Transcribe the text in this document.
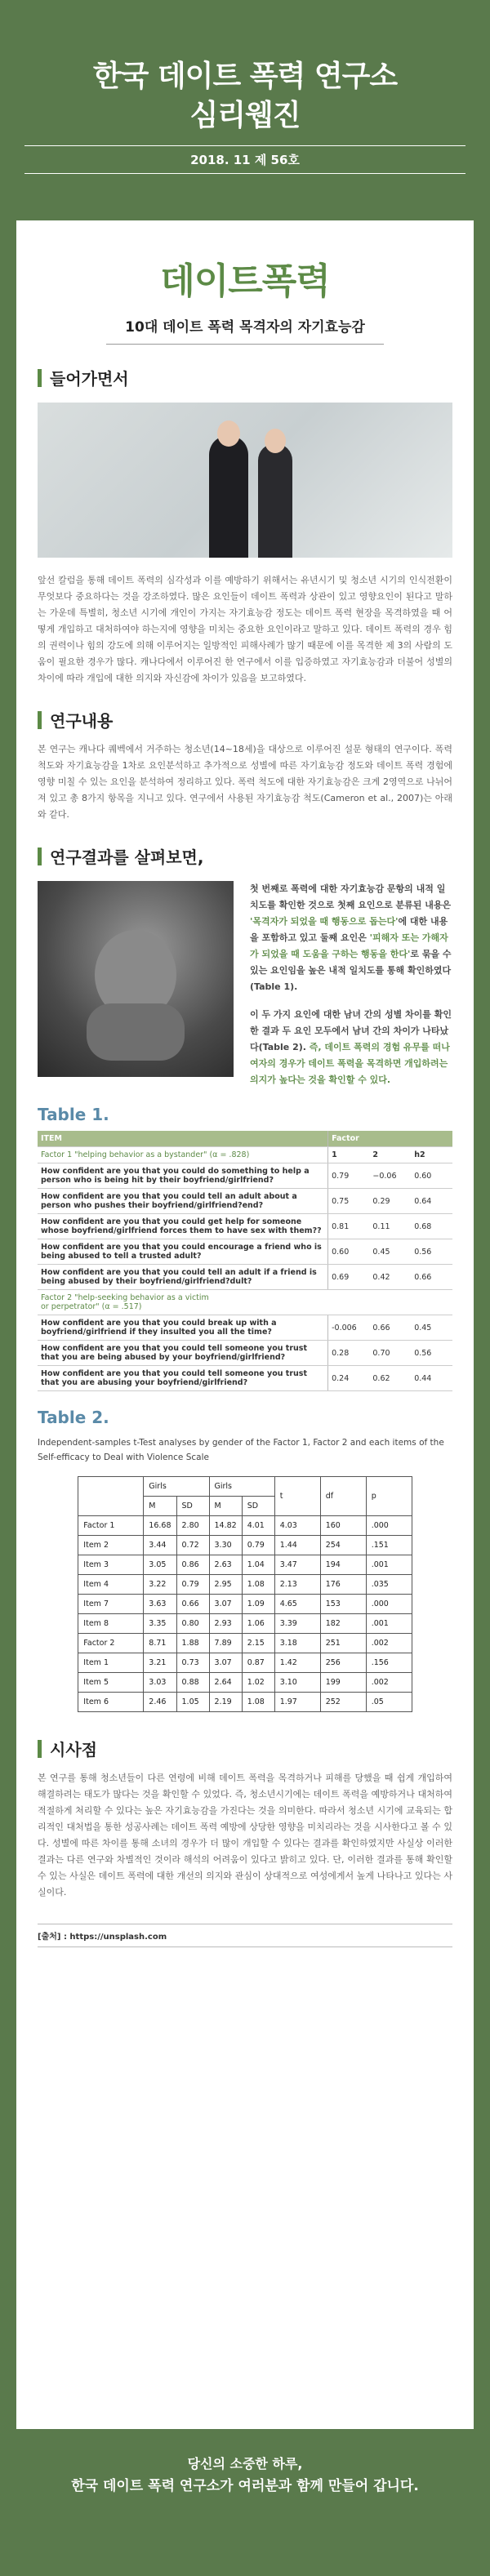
한국 데이트 폭력 연구소
심리웹진
2018. 11 제 56호
데이트폭력
10대 데이트 폭력 목격자의 자기효능감
들어가면서

앞선 칼럼을 통해 데이트 폭력의 심각성과 이를 예방하기 위해서는 유년시기 및 청소년 시기의 인식전환이 무엇보다 중요하다는 것을 강조하였다. 많은 요인들이 데이트 폭력과 상관이 있고 영향요인이 된다고 말하는 가운데 특별히, 청소년 시기에 개인이 가지는 자기효능감 정도는 데이트 폭력 현장을 목격하였을 때 어떻게 개입하고 대처하여야 하는지에 영향을 미치는 중요한 요인이라고 말하고 있다. 데이트 폭력의 경우 힘의 권력이나 힘의 강도에 의해 이루어지는 일방적인 피해사례가 많기 때문에 이를 목격한 제 3의 사람의 도움이 필요한 경우가 많다. 캐나다에서 이루어진 한 연구에서 이를 입증하였고 자기효능감과 더불어 성별의 차이에 따라 개입에 대한 의지와 자신감에 차이가 있음을 보고하였다.

연구내용

본 연구는 캐나다 퀘벡에서 거주하는 청소년(14~18세)을 대상으로 이루어진 설문 형태의 연구이다. 폭력척도와 자기효능감을 1차로 요인분석하고 추가적으로 성별에 따른 자기효능감 정도와 데이트 폭력 경험에 영향 미칠 수 있는 요인을 분석하여 정리하고 있다. 폭력 척도에 대한 자기효능감은 크게 2영역으로 나뉘어져 있고 총 8가지 항목을 지니고 있다. 연구에서 사용된 자기효능감 척도(Cameron et al., 2007)는 아래와 같다.

연구결과를 살펴보면,

첫 번째로 폭력에 대한 자기효능감 문항의 내적 일치도를 확인한 것으로 첫째 요인으로 분류된 내용은 '목격자가 되었을 때 행동으로 돕는다'에 대한 내용을 포함하고 있고 둘째 요인은 '피해자 또는 가해자가 되었을 때 도움을 구하는 행동을 한다'로 묶을 수 있는 요인임을 높은 내적 일치도를 통해 확인하였다(Table 1).

이 두 가지 요인에 대한 남녀 간의 성별 차이를 확인한 결과 두 요인 모두에서 남녀 간의 차이가 나타났다(Table 2). 즉, 데이트 폭력의 경험 유무를 떠나 여자의 경우가 데이트 폭력을 목격하면 개입하려는 의지가 높다는 것을 확인할 수 있다.

Table 1.
ITEM	Factor		
Factor 1 "helping behavior as a bystander" (α = .828)	1	2	h2
How confident are you that you could do something to help a person who is being hit by their boyfriend/girlfriend?	0.79	−0.06	0.60
How confident are you that you could tell an adult about a person who pushes their boyfriend/girlfriend?end?	0.75	0.29	0.64
How confident are you that you could get help for someone whose boyfriend/girlfriend forces them to have sex with them??	0.81	0.11	0.68
How confident are you that you could encourage a friend who is being abused to tell a trusted adult?	0.60	0.45	0.56
How confident are you that you could tell an adult if a friend is being abused by their boyfriend/girlfriend?dult?	0.69	0.42	0.66

Factor 2 "help-seeking behavior as a victim
or perpetrator" (α = .517)			

How confident are you that you could break up with a boyfriend/girlfriend if they insulted you all the time?	-0.006	0.66	0.45
How confident are you that you could tell someone you trust that you are being abused by your boyfriend/girlfriend?	0.28	0.70	0.56
How confident are you that you could tell someone you trust that you are abusing your boyfriend/girlfriend?	0.24	0.62	0.44
Table 2.

Independent-samples t-Test analyses by gender of the Factor 1, Factor 2 and each items of the Self-efficacy to Deal with Violence Scale

	Girls		Girls		t	df	p
	M	SD	M	SD			
Factor 1	16.68	2.80	14.82	4.01	4.03	160	.000
Item 2	3.44	0.72	3.30	0.79	1.44	254	.151
Item 3	3.05	0.86	2.63	1.04	3.47	194	.001
Item 4	3.22	0.79	2.95	1.08	2.13	176	.035
Item 7	3.63	0.66	3.07	1.09	4.65	153	.000
Item 8	3.35	0.80	2.93	1.06	3.39	182	.001
Factor 2	8.71	1.88	7.89	2.15	3.18	251	.002
Item 1	3.21	0.73	3.07	0.87	1.42	256	.156
Item 5	3.03	0.88	2.64	1.02	3.10	199	.002
Item 6	2.46	1.05	2.19	1.08	1.97	252	.05
시사점

본 연구를 통해 청소년들이 다른 연령에 비해 데이트 폭력을 목격하거나 피해를 당했을 때 쉽게 개입하여 해결하려는 태도가 많다는 것을 확인할 수 있었다. 즉, 청소년시기에는 데이트 폭력을 예방하거나 대처하여 적절하게 처리할 수 있다는 높은 자기효능감을 가진다는 것을 의미한다. 따라서 청소년 시기에 교육되는 합리적인 대처법을 통한 성공사례는 데이트 폭력 예방에 상당한 영향을 미치리라는 것을 시사한다고 볼 수 있다. 성별에 따른 차이를 통해 소녀의 경우가 더 많이 개입할 수 있다는 결과를 확인하였지만 사실상 이러한 결과는 다른 연구와 차별적인 것이라 해석의 어려움이 있다고 밝히고 있다. 단, 이러한 결과를 통해 확인할 수 있는 사실은 데이트 폭력에 대한 개선의 의지와 관심이 상대적으로 여성에게서 높게 나타나고 있다는 사실이다.

[출처] : https://unsplash.com
당신의 소중한 하루,
한국 데이트 폭력 연구소가 여러분과 함께 만들어 갑니다.
